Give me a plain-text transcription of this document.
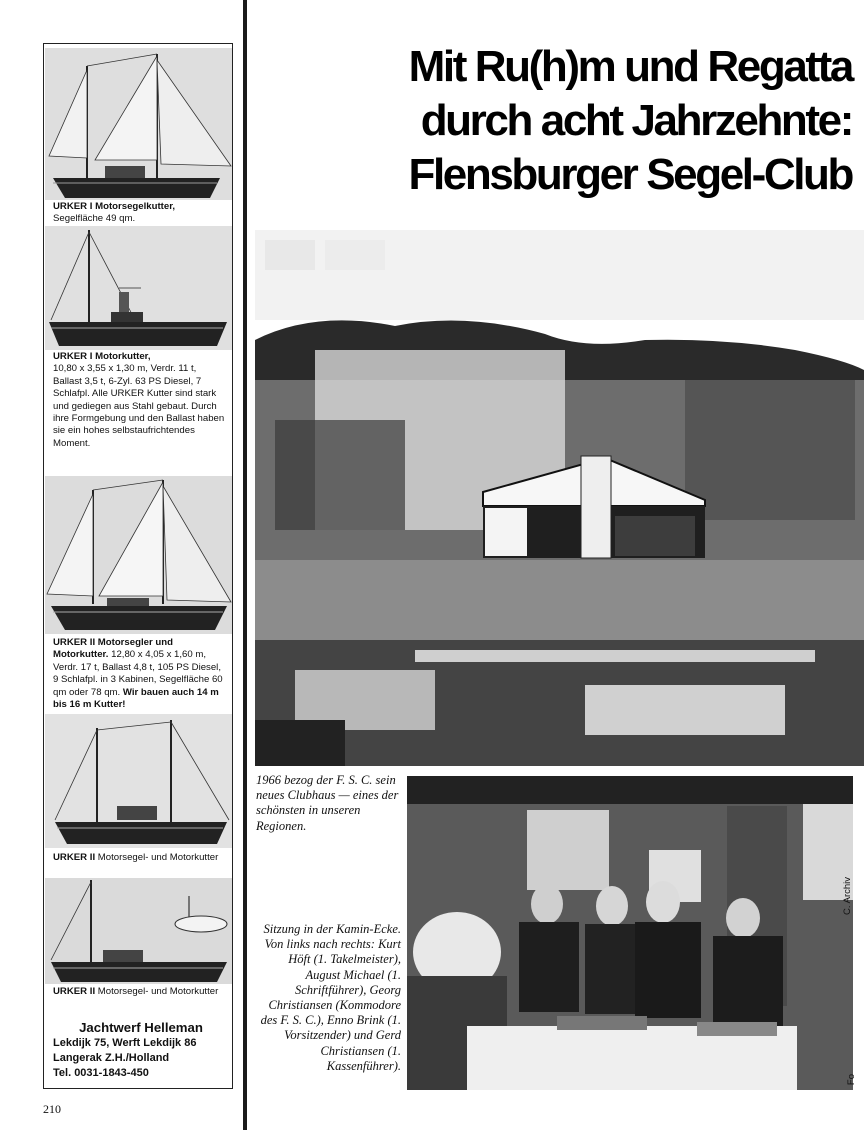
URKER I Motorsegelkutter,
Segelfläche 49 qm.
URKER I Motorkutter,
10,80 x 3,55 x 1,30 m, Verdr. 11 t, Ballast 3,5 t, 6-Zyl. 63 PS Diesel, 7 Schlafpl. Alle URKER Kutter sind stark und gediegen aus Stahl gebaut. Durch ihre Formgebung und den Ballast haben sie ein hohes selbstaufrichtendes Moment.
URKER II Motorsegler und Motorkutter. 12,80 x 4,05 x 1,60 m, Verdr. 17 t, Ballast 4,8 t, 105 PS Diesel, 9 Schlafpl. in 3 Kabinen, Segelfläche 60 qm oder 78 qm. Wir bauen auch 14 m bis 16 m Kutter!
URKER II Motorsegel- und Motorkutter
URKER II Motorsegel- und Motorkutter
Jachtwerf Helleman
Lekdijk 75, Werft Lekdijk 86
Langerak Z.H./Holland
Tel. 0031-1843-450
210
Mit Ru(h)m und Regatta
durch acht Jahrzehnte:
Flensburger Segel-Club
1966 bezog der F. S. C. sein neues Clubhaus — eines der schönsten in unseren Regionen.
Sitzung in der Kamin-Ecke. Von links nach rechts: Kurt Höft (1. Takelmeister), August Michael (1. Schriftführer), Georg Christiansen (Kommodore des F. S. C.), Enno Brink (1. Vorsitzender) und Gerd Christiansen (1. Kassenführer).
C. Archiv
Fo
